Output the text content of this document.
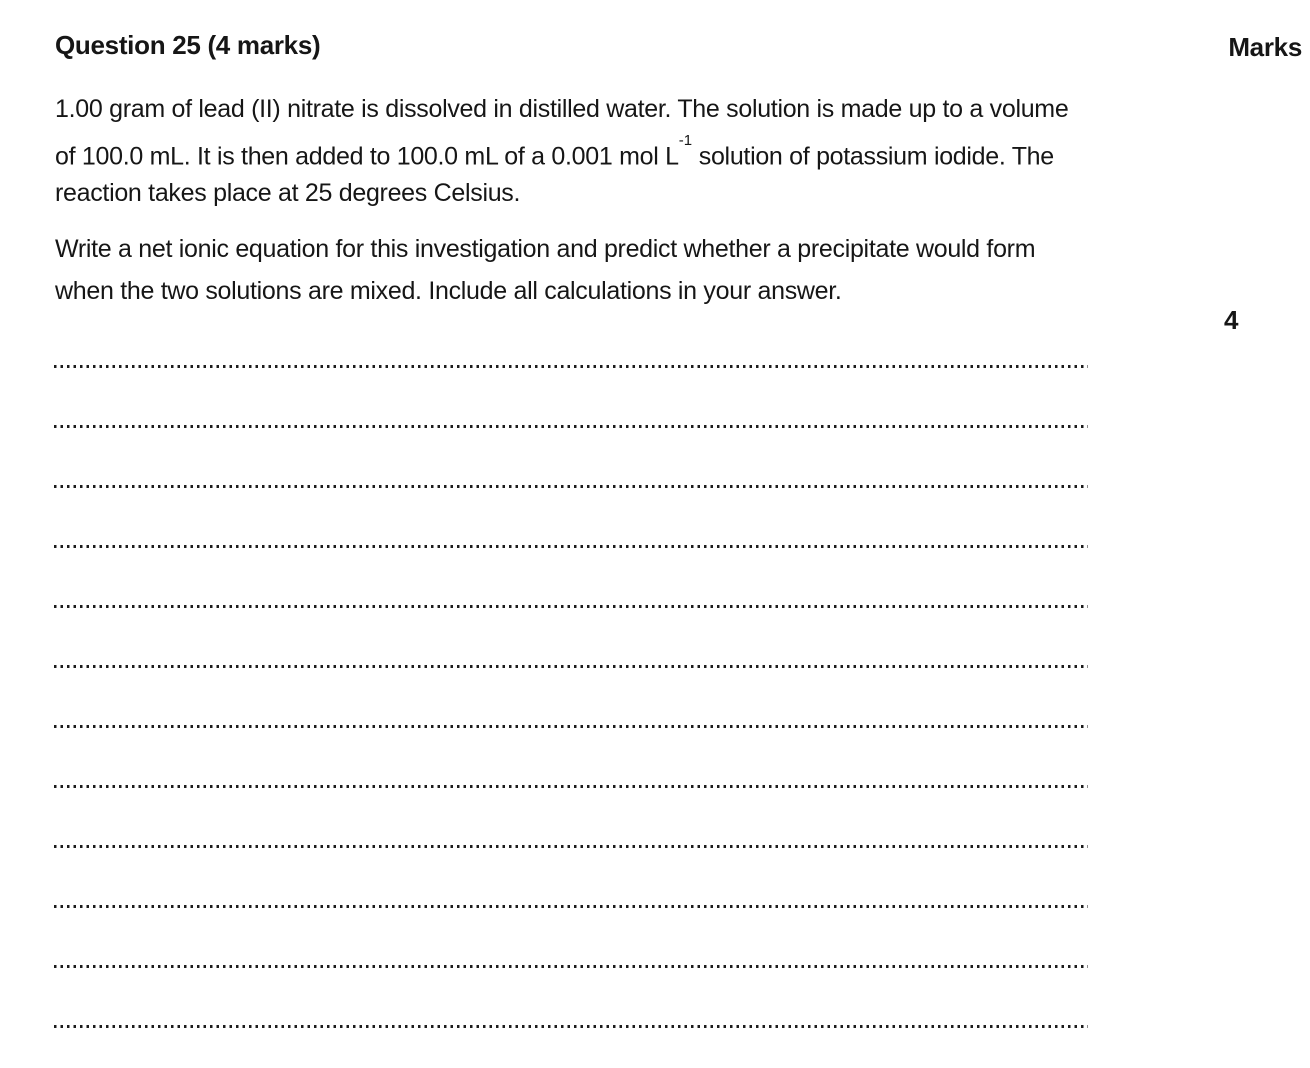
Question 25 (4 marks)	Marks
1.00 gram of lead (II) nitrate is dissolved in distilled water. The solution is made up to a volume
of 100.0 mL. It is then added to 100.0 mL of a 0.001 mol $L^{-1}$ solution of potassium iodide. The
reaction takes place at 25 degrees Celsius.
Write a net ionic equation for this investigation and predict whether a precipitate would form
when the two solutions are mixed. Include all calculations in your answer.
4
